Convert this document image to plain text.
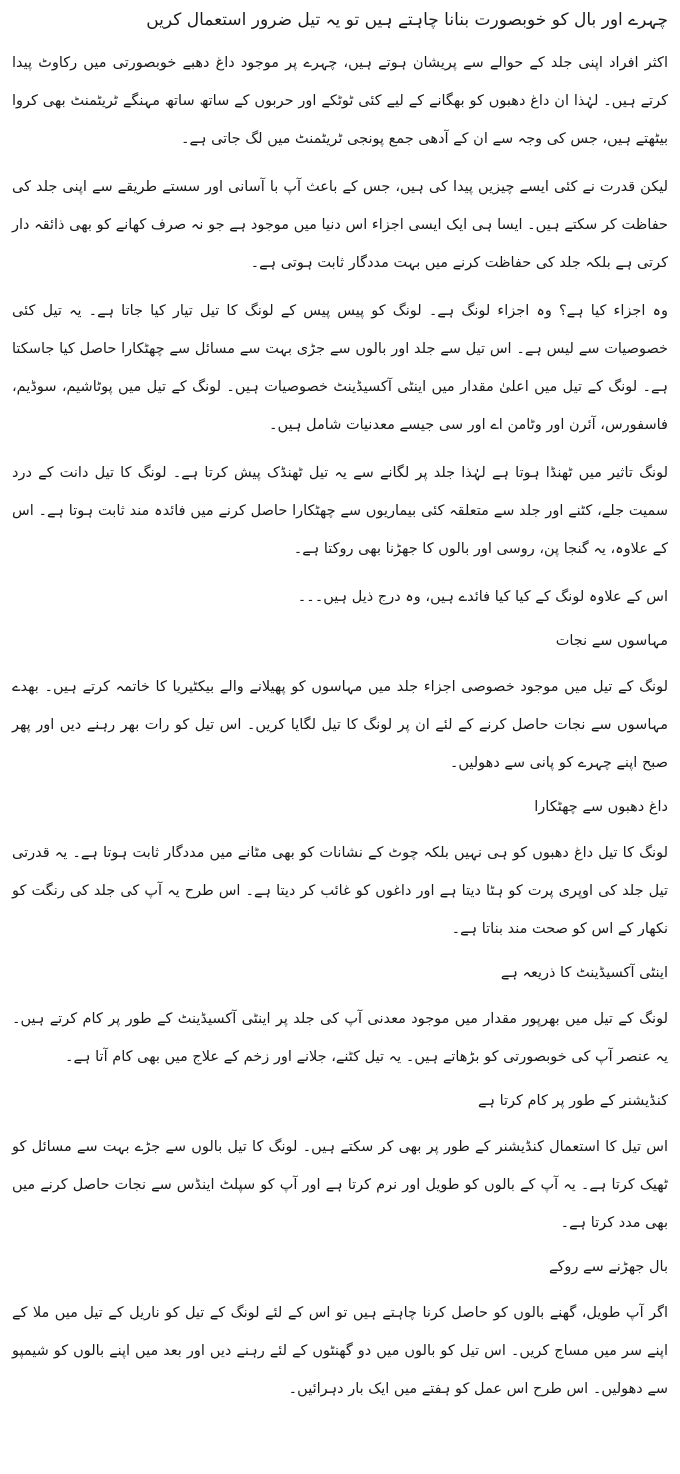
چہرے اور بال کو خوبصورت بنانا چاہتے ہیں تو یہ تیل ضرور استعمال کریں

اکثر افراد اپنی جلد کے حوالے سے پریشان ہوتے ہیں، چہرے پر موجود داغ دھبے خوبصورتی میں رکاوٹ پیدا کرتے ہیں۔ لہٰذا ان داغ دھبوں کو بھگانے کے لیے کئی ٹوٹکے اور حربوں کے ساتھ ساتھ مہنگے ٹریٹمنٹ بھی کروا بیٹھتے ہیں، جس کی وجہ سے ان کے آدھی جمع پونجی ٹریٹمنٹ میں لگ جاتی ہے۔

لیکن قدرت نے کئی ایسے چیزیں پیدا کی ہیں، جس کے باعث آپ با آسانی اور سستے طریقے سے اپنی جلد کی حفاظت کر سکتے ہیں۔ ایسا ہی ایک ایسی اجزاء اس دنیا میں موجود ہے جو نہ صرف کھانے کو بھی ذائقہ دار کرتی ہے بلکہ جلد کی حفاظت کرنے میں بہت مددگار ثابت ہوتی ہے۔

وہ اجزاء کیا ہے؟ وہ اجزاء لونگ ہے۔ لونگ کو پیس پیس کے لونگ کا تیل تیار کیا جاتا ہے۔ یہ تیل کئی خصوصیات سے لیس ہے۔ اس تیل سے جلد اور بالوں سے جڑی بہت سے مسائل سے چھٹکارا حاصل کیا جاسکتا ہے۔ لونگ کے تیل میں اعلیٰ مقدار میں اینٹی آکسیڈینٹ خصوصیات ہیں۔ لونگ کے تیل میں پوٹاشیم، سوڈیم، فاسفورس، آئرن اور وٹامن اے اور سی جیسے معدنیات شامل ہیں۔

لونگ تاثیر میں ٹھنڈا ہوتا ہے لہٰذا جلد پر لگانے سے یہ تیل ٹھنڈک پیش کرتا ہے۔ لونگ کا تیل دانت کے درد سمیت جلے، کٹنے اور جلد سے متعلقہ کئی بیماریوں سے چھٹکارا حاصل کرنے میں فائدہ مند ثابت ہوتا ہے۔ اس کے علاوہ، یہ گنجا پن، روسی اور بالوں کا جھڑنا بھی روکتا ہے۔

اس کے علاوہ لونگ کے کیا کیا فائدے ہیں، وہ درج ذیل ہیں۔۔۔

مہاسوں سے نجات

لونگ کے تیل میں موجود خصوصی اجزاء جلد میں مہاسوں کو پھیلانے والے بیکٹیریا کا خاتمہ کرتے ہیں۔ بھدے مہاسوں سے نجات حاصل کرنے کے لئے ان پر لونگ کا تیل لگایا کریں۔ اس تیل کو رات بھر رہنے دیں اور پھر صبح اپنے چہرے کو پانی سے دھولیں۔

داغ دھبوں سے چھٹکارا

لونگ کا تیل داغ دھبوں کو ہی نہیں بلکہ چوٹ کے نشانات کو بھی مٹانے میں مددگار ثابت ہوتا ہے۔ یہ قدرتی تیل جلد کی اوپری پرت کو ہٹا دیتا ہے اور داغوں کو غائب کر دیتا ہے۔ اس طرح یہ آپ کی جلد کی رنگت کو نکھار کے اس کو صحت مند بناتا ہے۔

اینٹی آکسیڈینٹ کا ذریعہ ہے

لونگ کے تیل میں بھرپور مقدار میں موجود معدنی آپ کی جلد پر اینٹی آکسیڈینٹ کے طور پر کام کرتے ہیں۔ یہ عنصر آپ کی خوبصورتی کو بڑھاتے ہیں۔ یہ تیل کٹنے، جلانے اور زخم کے علاج میں بھی کام آتا ہے۔

کنڈیشنر کے طور پر کام کرتا ہے

اس تیل کا استعمال کنڈیشنر کے طور پر بھی کر سکتے ہیں۔ لونگ کا تیل بالوں سے جڑے بہت سے مسائل کو ٹھیک کرتا ہے۔ یہ آپ کے بالوں کو طویل اور نرم کرتا ہے اور آپ کو سپلٹ اینڈس سے نجات حاصل کرنے میں بھی مدد کرتا ہے۔

بال جھڑنے سے روکے

اگر آپ طویل، گھنے بالوں کو حاصل کرنا چاہتے ہیں تو اس کے لئے لونگ کے تیل کو ناریل کے تیل میں ملا کے اپنے سر میں مساج کریں۔ اس تیل کو بالوں میں دو گھنٹوں کے لئے رہنے دیں اور بعد میں اپنے بالوں کو شیمپو سے دھولیں۔ اس طرح اس عمل کو ہفتے میں ایک بار دہرائیں۔
